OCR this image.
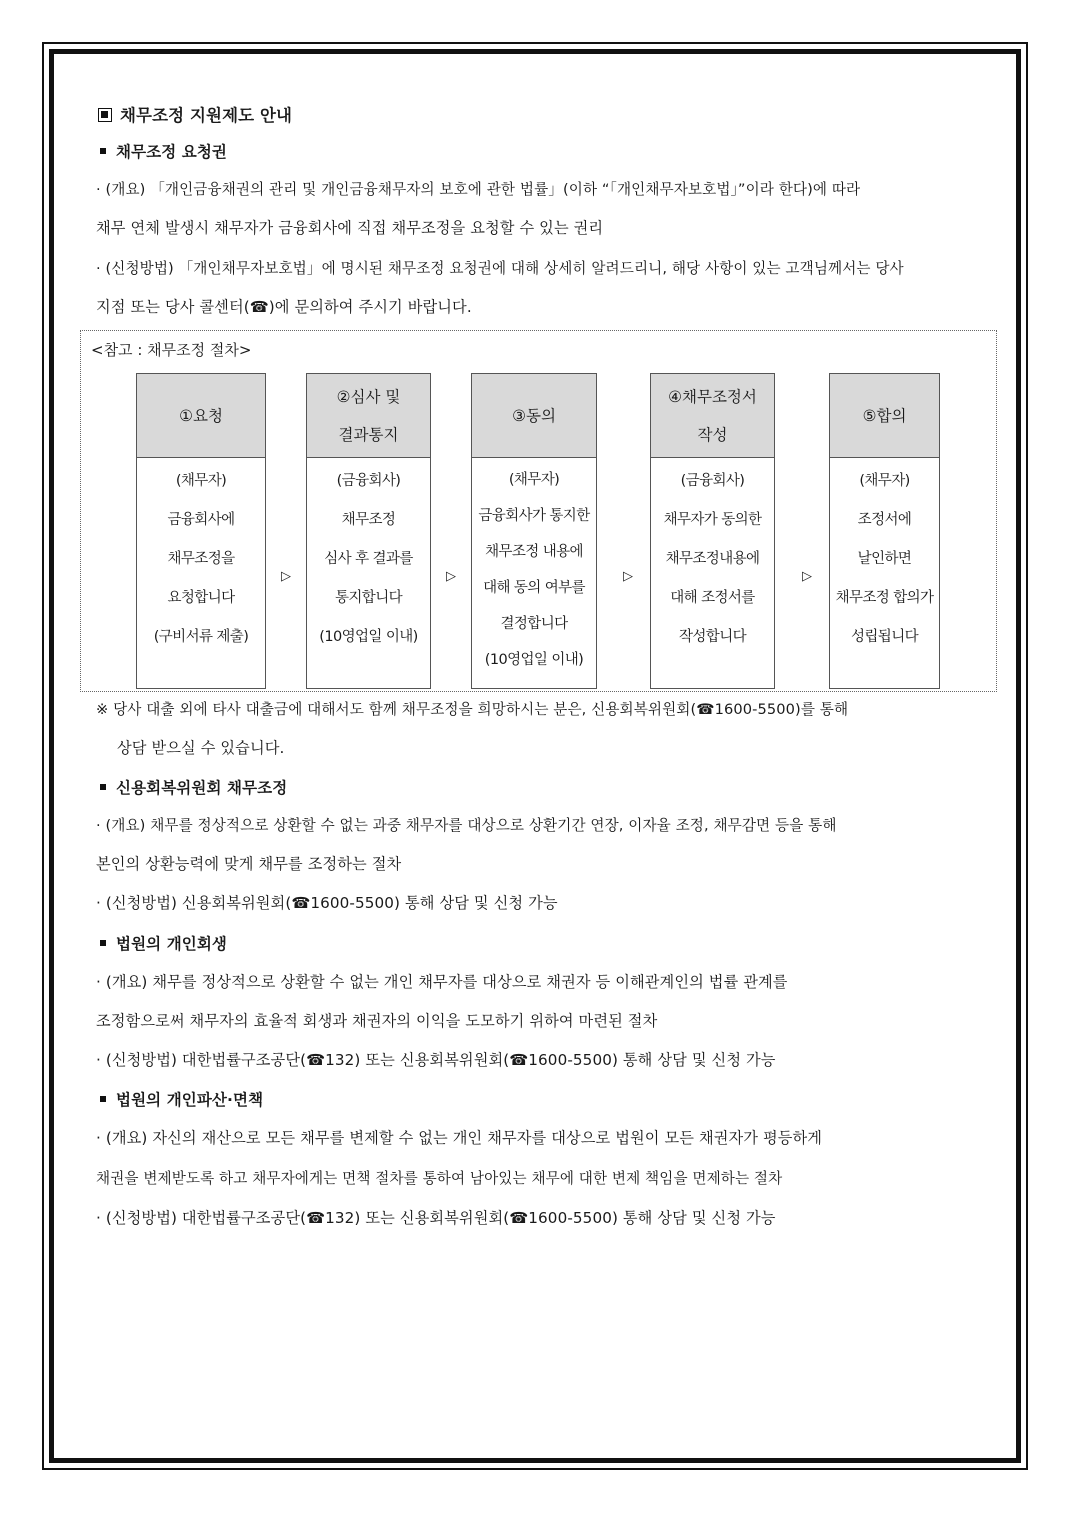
채무조정 지원제도 안내
채무조정 요청권
· (개요) 「개인금융채권의 관리 및 개인금융채무자의 보호에 관한 법률」(이하 “「개인채무자보호법」”이라 한다)에 따라
채무 연체 발생시 채무자가 금융회사에 직접 채무조정을 요청할 수 있는 권리
· (신청방법) 「개인채무자보호법」에 명시된 채무조정 요청권에 대해 상세히 알려드리니, 해당 사항이 있는 고객님께서는 당사
지점 또는 당사 콜센터(☎)에 문의하여 주시기 바랍니다.
<참고 : 채무조정 절차>
①요청
(채무자)
금융회사에
채무조정을
요청합니다
(구비서류 제출)
②심사 및
결과통지
(금융회사)
채무조정
심사 후 결과를
통지합니다
(10영업일 이내)
③동의
(채무자)
금융회사가 통지한
채무조정 내용에
대해 동의 여부를
결정합니다
(10영업일 이내)
④채무조정서
작성
(금융회사)
채무자가 동의한
채무조정내용에
대해 조정서를
작성합니다
⑤합의
(채무자)
조정서에
날인하면
채무조정 합의가
성립됩니다
▷	▷	▷	▷
※ 당사 대출 외에 타사 대출금에 대해서도 함께 채무조정을 희망하시는 분은, 신용회복위원회(☎1600-5500)를 통해
상담 받으실 수 있습니다.
신용회복위원회 채무조정
· (개요) 채무를 정상적으로 상환할 수 없는 과중 채무자를 대상으로 상환기간 연장, 이자율 조정, 채무감면 등을 통해
본인의 상환능력에 맞게 채무를 조정하는 절차
· (신청방법) 신용회복위원회(☎1600-5500) 통해 상담 및 신청 가능
법원의 개인회생
· (개요) 채무를 정상적으로 상환할 수 없는 개인 채무자를 대상으로 채권자 등 이해관계인의 법률 관계를
조정함으로써 채무자의 효율적 회생과 채권자의 이익을 도모하기 위하여 마련된 절차
· (신청방법) 대한법률구조공단(☎132) 또는 신용회복위원회(☎1600-5500) 통해 상담 및 신청 가능
법원의 개인파산·면책
· (개요) 자신의 재산으로 모든 채무를 변제할 수 없는 개인 채무자를 대상으로 법원이 모든 채권자가 평등하게
채권을 변제받도록 하고 채무자에게는 면책 절차를 통하여 남아있는 채무에 대한 변제 책임을 면제하는 절차
· (신청방법) 대한법률구조공단(☎132) 또는 신용회복위원회(☎1600-5500) 통해 상담 및 신청 가능
